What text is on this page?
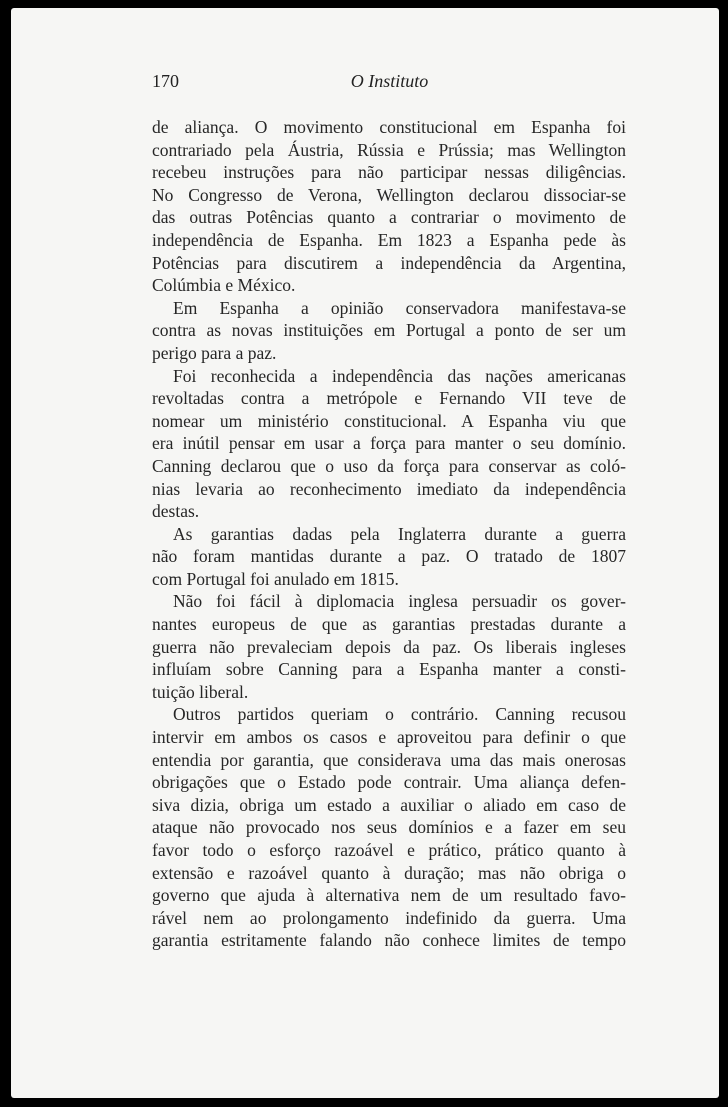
170	O Instituto
de aliança. O movimento constitucional em Espanha foi
contrariado pela Áustria, Rússia e Prússia; mas Wellington
recebeu instruções para não participar nessas diligências.
No Congresso de Verona, Wellington declarou dissociar-se
das outras Potências quanto a contrariar o movimento de
independência de Espanha. Em 1823 a Espanha pede às
Potências para discutirem a independência da Argentina,
Colúmbia e México.
Em Espanha a opinião conservadora manifestava-se
contra as novas instituições em Portugal a ponto de ser um
perigo para a paz.
Foi reconhecida a independência das nações americanas
revoltadas contra a metrópole e Fernando VII teve de
nomear um ministério constitucional. A Espanha viu que
era inútil pensar em usar a força para manter o seu domínio.
Canning declarou que o uso da força para conservar as coló-
nias levaria ao reconhecimento imediato da independência
destas.
As garantias dadas pela Inglaterra durante a guerra
não foram mantidas durante a paz. O tratado de 1807
com Portugal foi anulado em 1815.
Não foi fácil à diplomacia inglesa persuadir os gover-
nantes europeus de que as garantias prestadas durante a
guerra não prevaleciam depois da paz. Os liberais ingleses
influíam sobre Canning para a Espanha manter a consti-
tuição liberal.
Outros partidos queriam o contrário. Canning recusou
intervir em ambos os casos e aproveitou para definir o que
entendia por garantia, que considerava uma das mais onerosas
obrigações que o Estado pode contrair. Uma aliança defen-
siva dizia, obriga um estado a auxiliar o aliado em caso de
ataque não provocado nos seus domínios e a fazer em seu
favor todo o esforço razoável e prático, prático quanto à
extensão e razoável quanto à duração; mas não obriga o
governo que ajuda à alternativa nem de um resultado favo-
rável nem ao prolongamento indefinido da guerra. Uma
garantia estritamente falando não conhece limites de tempo
